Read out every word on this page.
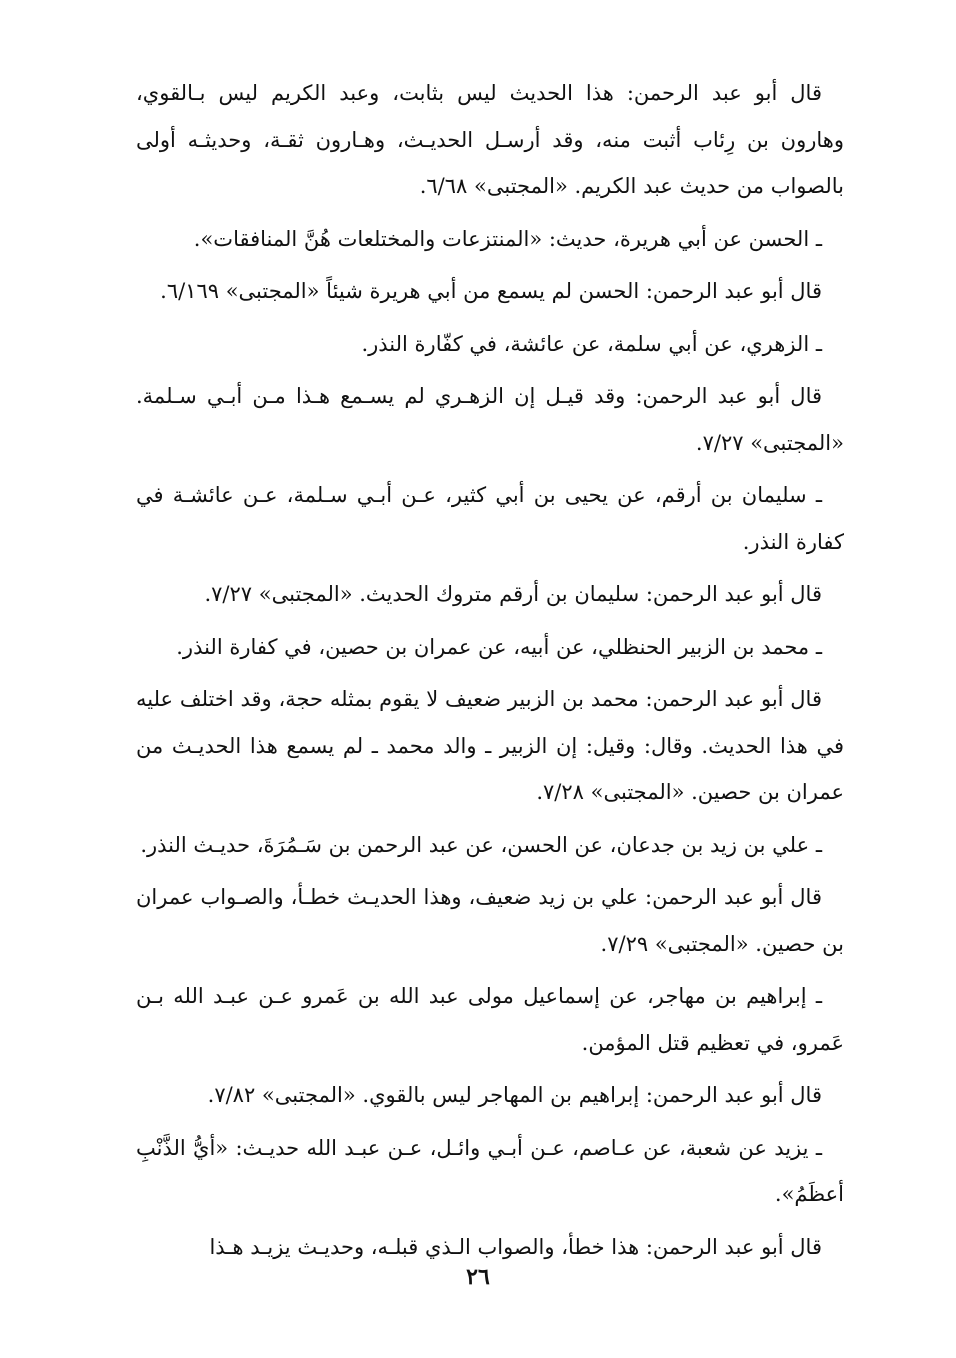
قال أبو عبد الرحمن: هذا الحديث ليس بثابت، وعبد الكريم ليس بـالقوي، وهارون بن رِئاب أثبت منه، وقد أرسـل الحديـث، وهـارون ثقـة، وحديثـه أولى بالصواب من حديث عبد الكريم. «المجتبى» ٦/٦٨.

ـ الحسن عن أبي هريرة، حديث: «المنتزعات والمختلعات هُنَّ المنافقات».

قال أبو عبد الرحمن: الحسن لم يسمع من أبي هريرة شيئاً «المجتبى» ٦/١٦٩.

ـ الزهري، عن أبي سلمة، عن عائشة، في كفّارة النذر.

قال أبو عبد الرحمن: وقد قيـل إن الزهـري لم يسـمع هـذا مـن أبـي سـلمة. «المجتبى» ٧/٢٧.

ـ سليمان بن أرقم، عن يحيى بن أبي كثير، عـن أبـي سـلمة، عـن عائشـة في كفارة النذر.

قال أبو عبد الرحمن: سليمان بن أرقم متروك الحديث. «المجتبى» ٧/٢٧.

ـ محمد بن الزبير الحنظلي، عن أبيه، عن عمران بن حصين، في كفارة النذر.

قال أبو عبد الرحمن: محمد بن الزبير ضعيف لا يقوم بمثله حجة، وقد اختلف عليه في هذا الحديث. وقال: وقيل: إن الزبير ـ والد محمد ـ لم يسمع هذا الحديـث من عمران بن حصين. «المجتبى» ٧/٢٨.

ـ علي بن زيد بن جدعان، عن الحسن، عن عبد الرحمن بن سَـمُرَةَ، حديـث النذر.

قال أبو عبد الرحمن: علي بن زيد ضعيف، وهذا الحديـث خطـأ، والصـواب عمران بن حصين. «المجتبى» ٧/٢٩.

ـ إبراهيم بن مهاجر، عن إسماعيل مولى عبد الله بن عَمرو عـن عبـد الله بـن عَمرو، في تعظيم قتل المؤمن.

قال أبو عبد الرحمن: إبراهيم بن المهاجر ليس بالقوي. «المجتبى» ٧/٨٢.

ـ يزيد عن شعبة، عن عـاصم، عـن أبـي وائـل، عـن عبـد الله حديـث: «أيُّ الذَّنْبِ أعظَمُ».

قال أبو عبد الرحمن: هذا خطأ، والصواب الـذي قبلـه، وحديـث يزيـد هـذا

٢٦
